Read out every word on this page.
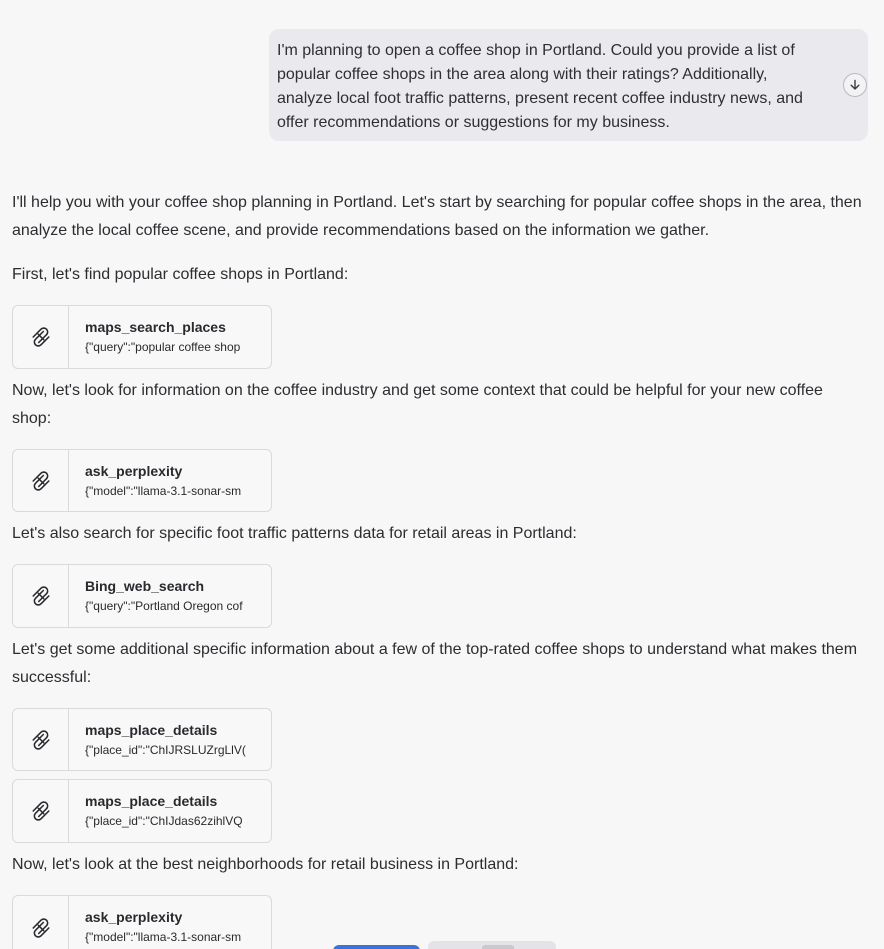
I'm planning to open a coffee shop in Portland. Could you provide a list of popular coffee shops in the area along with their ratings? Additionally, analyze local foot traffic patterns, present recent coffee industry news, and offer recommendations or suggestions for my business.

I'll help you with your coffee shop planning in Portland. Let's start by searching for popular coffee shops in the area, then analyze the local coffee scene, and provide recommendations based on the information we gather.

First, let's find popular coffee shops in Portland:

maps_search_places
{"query":"popular coffee shop

Now, let's look for information on the coffee industry and get some context that could be helpful for your new coffee shop:

ask_perplexity
{"model":"llama-3.1-sonar-sm

Let's also search for specific foot traffic patterns data for retail areas in Portland:

Bing_web_search
{"query":"Portland Oregon cof

Let's get some additional specific information about a few of the top-rated coffee shops to understand what makes them successful:

maps_place_details
{"place_id":"ChIJRSLUZrgLlV(
maps_place_details
{"place_id":"ChIJdas62zihlVQ

Now, let's look at the best neighborhoods for retail business in Portland:

ask_perplexity
{"model":"llama-3.1-sonar-sm
